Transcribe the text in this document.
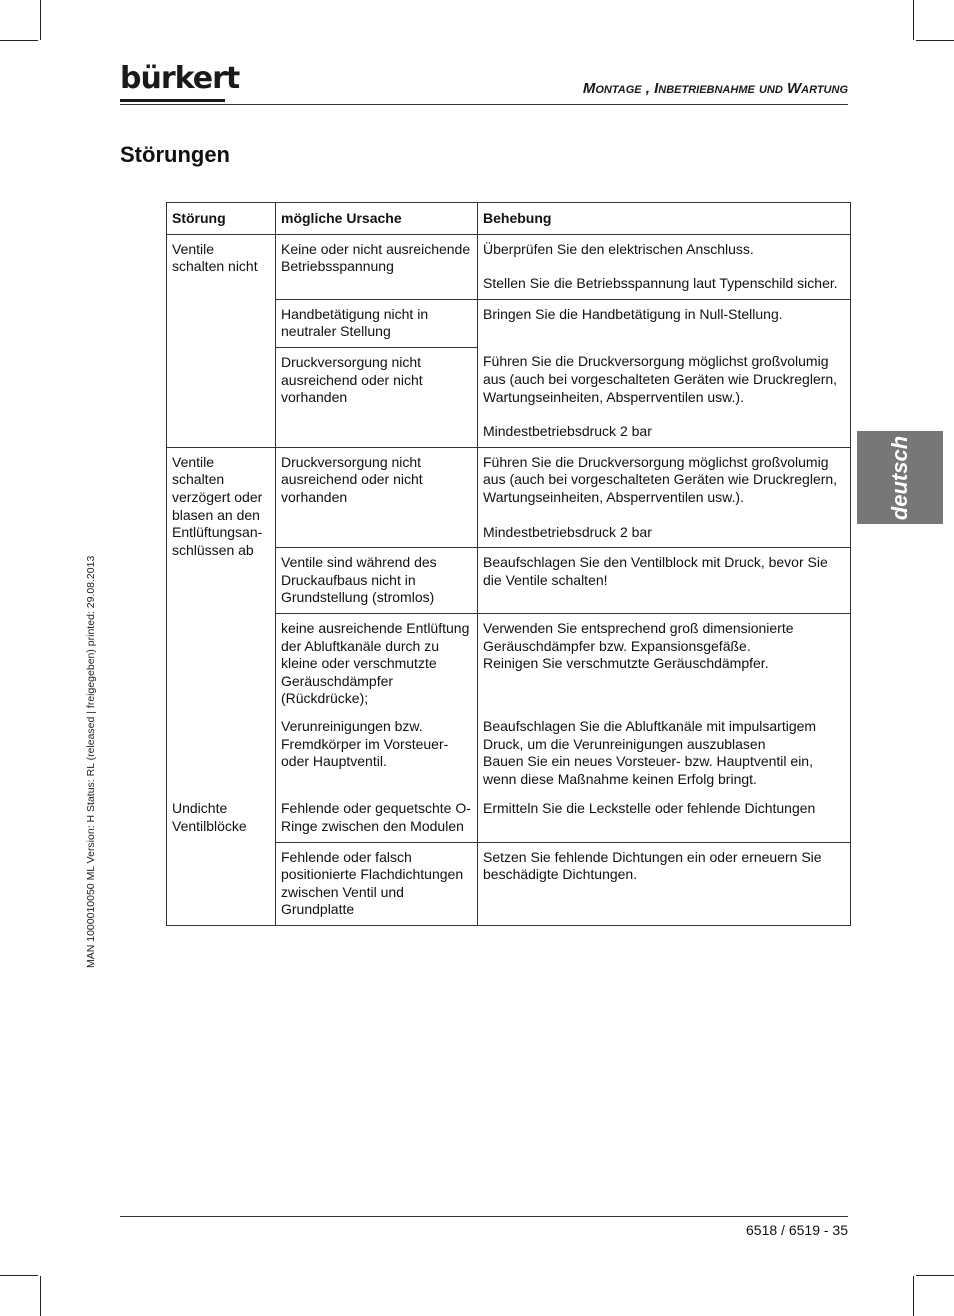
bürkert	Montage , Inbetriebnahme und Wartung
Störungen
deutsch
MAN 1000010050 ML Version: H Status: RL (released | freigegeben) printed: 29.08.2013
Störung	mögliche Ursache	Behebung

Ventile schalten nicht	Keine oder nicht ausreichende Betriebsspannung	Überprüfen Sie den elektrischen Anschluss.

Stellen Sie die Betriebsspannung laut Typenschild sicher.

	Handbetätigung nicht in neutraler Stellung	Bringen Sie die Handbetätigung in Null-Stellung.

	Druckversorgung nicht ausreichend oder nicht vorhanden	Führen Sie die Druckversorgung möglichst großvolumig aus (auch bei vorgeschalteten Geräten wie Druckreglern, Wartungseinheiten, Absperrventilen usw.).

Mindestbetriebsdruck 2 bar

Ventile schalten verzögert oder blasen an den Entlüftungsan-schlüssen ab	Druckversorgung nicht ausreichend oder nicht vorhanden	Führen Sie die Druckversorgung möglichst großvolumig aus (auch bei vorgeschalteten Geräten wie Druckreglern, Wartungseinheiten, Absperrventilen usw.).

Mindestbetriebsdruck 2 bar

	Ventile sind während des Druckaufbaus nicht in Grundstellung (stromlos)	Beaufschlagen Sie den Ventilblock mit Druck, bevor Sie die Ventile schalten!

	keine ausreichende Entlüftung der Abluftkanäle durch zu kleine oder verschmutzte Geräuschdämpfer (Rückdrücke);	Verwenden Sie entsprechend groß dimensionierte Geräuschdämpfer bzw. Expansionsgefäße.

Reinigen Sie verschmutzte Geräuschdämpfer.

	Verunreinigungen bzw. Fremdkörper im Vorsteuer- oder Hauptventil.	Beaufschlagen Sie die Abluftkanäle mit impulsartigem Druck, um die Verunreinigungen auszublasen

Bauen Sie ein neues Vorsteuer- bzw. Hauptventil ein, wenn diese Maßnahme keinen Erfolg bringt.

Undichte Ventilblöcke	Fehlende oder gequetschte O-Ringe zwischen den Modulen	Ermitteln Sie die Leckstelle oder fehlende Dichtungen

	Fehlende oder falsch positionierte Flachdichtungen zwischen Ventil und Grundplatte	Setzen Sie fehlende Dichtungen ein oder erneuern Sie beschädigte Dichtungen.

6518 / 6519 - 35
